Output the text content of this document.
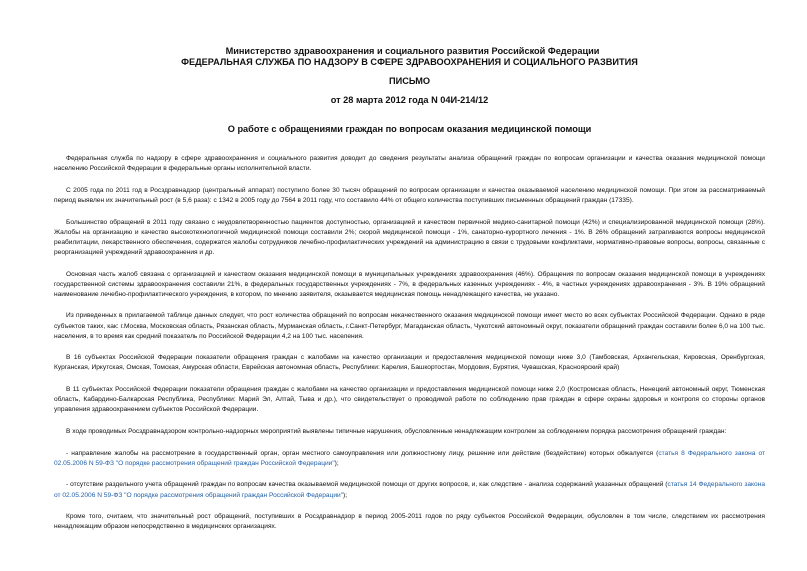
Министерство здравоохранения и социального развития Российской Федерации
ФЕДЕРАЛЬНАЯ СЛУЖБА ПО НАДЗОРУ В СФЕРЕ ЗДРАВООХРАНЕНИЯ И СОЦИАЛЬНОГО РАЗВИТИЯ
ПИСЬМО
от 28 марта 2012 года N 04И-214/12
О работе с обращениями граждан по вопросам оказания медицинской помощи

Федеральная служба по надзору в сфере здравоохранения и социального развития доводит до сведения результаты анализа обращений граждан по вопросам организации и качества оказания медицинской помощи населению Российской Федерации в федеральные органы исполнительной власти.

С 2005 года по 2011 год в Росздравнадзор (центральный аппарат) поступило более 30 тысяч обращений по вопросам организации и качества оказываемой населению медицинской помощи. При этом за рассматриваемый период выявлен их значительный рост (в 5,6 раза): с 1342 в 2005 году до 7564 в 2011 году, что составило 44% от общего количества поступивших письменных обращений граждан (17335).

Большинство обращений в 2011 году связано с неудовлетворенностью пациентов доступностью, организацией и качеством первичной медико-санитарной помощи (42%) и специализированной медицинской помощи (28%). Жалобы на организацию и качество высокотехнологичной медицинской помощи составили 2%; скорой медицинской помощи - 1%, санаторно-курортного лечения - 1%. В 26% обращений затрагиваются вопросы медицинской реабилитации, лекарственного обеспечения, содержатся жалобы сотрудников лечебно-профилактических учреждений на администрацию в связи с трудовыми конфликтами, нормативно-правовые вопросы, вопросы, связанные с реорганизацией учреждений здравоохранения и др.

Основная часть жалоб связана с организацией и качеством оказания медицинской помощи в муниципальных учреждениях здравоохранения (46%). Обращения по вопросам оказания медицинской помощи в учреждениях государственной системы здравоохранения составили 21%, в федеральных государственных учреждениях - 7%, в федеральных казенных учреждениях - 4%, в частных учреждениях здравоохранения - 3%. В 19% обращений наименование лечебно-профилактического учреждения, в котором, по мнению заявителя, оказывается медицинская помощь ненадлежащего качества, не указано.

Из приведенных в прилагаемой таблице данных следует, что рост количества обращений по вопросам некачественного оказания медицинской помощи имеет место во всех субъектах Российской Федерации. Однако в ряде субъектов таких, как: г.Москва, Московская область, Рязанская область, Мурманская область, г.Санкт-Петербург, Магаданская область, Чукотский автономный округ, показатели обращений граждан составили более 6,0 на 100 тыс. населения, в то время как средний показатель по Российской Федерации 4,2 на 100 тыс. населения.

В 16 субъектах Российской Федерации показатели обращения граждан с жалобами на качество организации и предоставления медицинской помощи ниже 3,0 (Тамбовская, Архангельская, Кировская, Оренбургская, Курганская, Иркутская, Омская, Томская, Амурская области, Еврейская автономная область, Республики: Карелия, Башкортостан, Мордовия, Бурятия, Чувашская, Красноярский край)

В 11 субъектах Российской Федерации показатели обращения граждан с жалобами на качество организации и предоставления медицинской помощи ниже 2,0 (Костромская область, Ненецкий автономный округ, Тюменская область, Кабардино-Балкарская Республика, Республики: Марий Эл, Алтай, Тыва и др.), что свидетельствует о проводимой работе по соблюдению прав граждан в сфере охраны здоровья и контроля со стороны органов управления здравоохранением субъектов Российской Федерации.

В ходе проводимых Росздравнадзором контрольно-надзорных мероприятий выявлены типичные нарушения, обусловленные ненадлежащим контролем за соблюдением порядка рассмотрения обращений граждан:

- направление жалобы на рассмотрение в государственный орган, орган местного самоуправления или должностному лицу, решение или действие (бездействие) которых обжалуется (статья 8 Федерального закона от 02.05.2006 N 59-ФЗ "О порядке рассмотрения обращений граждан Российской Федерации");

- отсутствие раздельного учета обращений граждан по вопросам качества оказываемой медицинской помощи от других вопросов, и, как следствие - анализа содержаний указанных обращений (статья 14 Федерального закона от 02.05.2006 N 59-ФЗ "О порядке рассмотрения обращений граждан Российской Федерации");

Кроме того, считаем, что значительный рост обращений, поступивших в Росздравнадзор в период 2005-2011 годов по ряду субъектов Российской Федерации, обусловлен в том числе, следствием их рассмотрения ненадлежащим образом непосредственно в медицинских организациях.
